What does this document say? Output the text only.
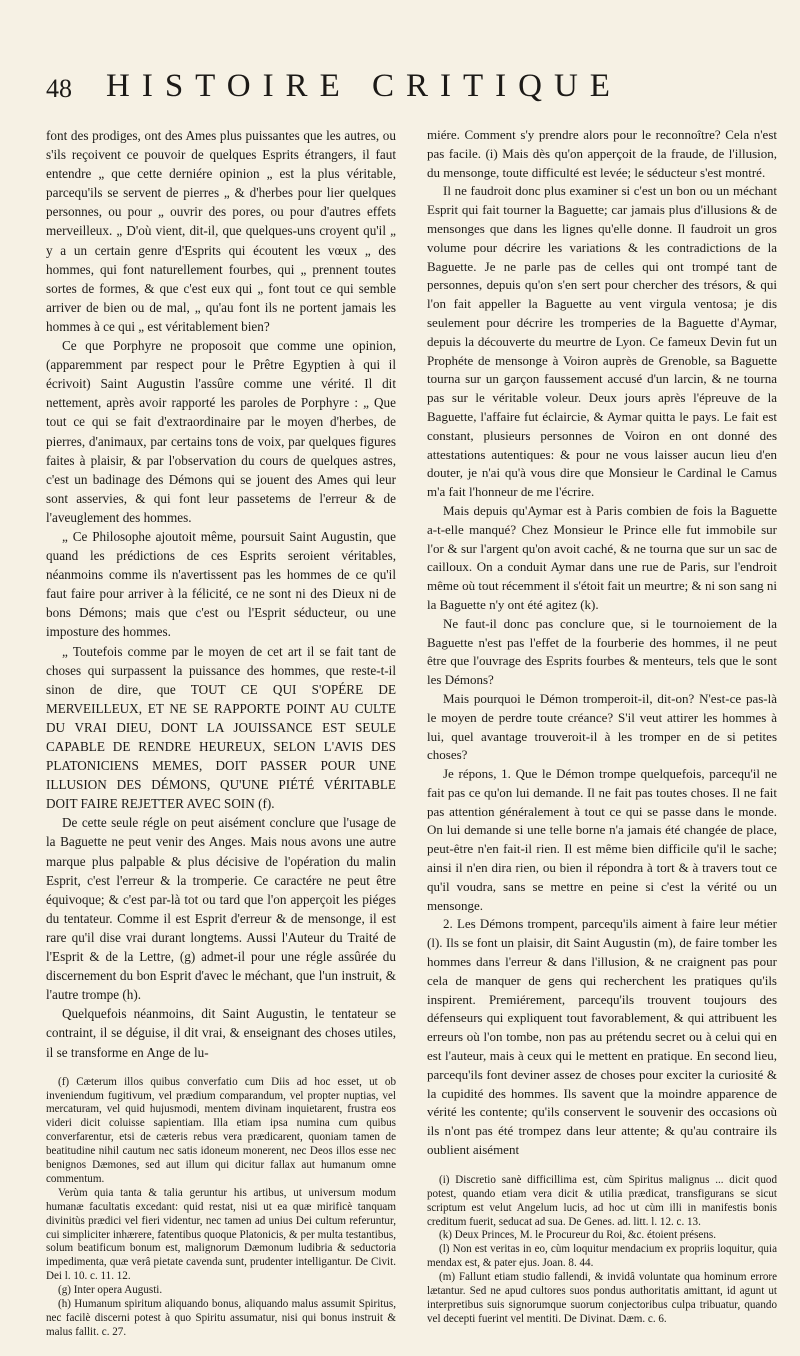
48 HISTOIRE CRITIQUE

font des prodiges, ont des Ames plus puissantes que les autres, ou s'ils reçoivent ce pouvoir de quelques Esprits étrangers, il faut entendre „ que cette derniére opinion „ est la plus véritable, parcequ'ils se servent de pierres „ & d'herbes pour lier quelques personnes, ou pour „ ouvrir des pores, ou pour d'autres effets merveilleux. „ D'où vient, dit-il, que quelques-uns croyent qu'il „ y a un certain genre d'Esprits qui écoutent les vœux „ des hommes, qui font naturellement fourbes, qui „ prennent toutes sortes de formes, & que c'est eux qui „ font tout ce qui semble arriver de bien ou de mal, „ qu'au font ils ne portent jamais les hommes à ce qui „ est véritablement bien?

Ce que Porphyre ne proposoit que comme une opinion, (apparemment par respect pour le Prêtre Egyptien à qui il écrivoit) Saint Augustin l'assûre comme une vérité. Il dit nettement, après avoir rapporté les paroles de Porphyre : „ Que tout ce qui se fait d'extraordinaire par le moyen d'herbes, de pierres, d'animaux, par certains tons de voix, par quelques figures faites à plaisir, & par l'observation du cours de quelques astres, c'est un badinage des Démons qui se jouent des Ames qui leur sont asservies, & qui font leur passetems de l'erreur & de l'aveuglement des hommes.

„ Ce Philosophe ajoutoit même, poursuit Saint Augustin, que quand les prédictions de ces Esprits seroient véritables, néanmoins comme ils n'avertissent pas les hommes de ce qu'il faut faire pour arriver à la félicité, ce ne sont ni des Dieux ni de bons Démons; mais que c'est ou l'Esprit séducteur, ou une imposture des hommes.

„ Toutefois comme par le moyen de cet art il se fait tant de choses qui surpassent la puissance des hommes, que reste-t-il sinon de dire, que TOUT CE QUI S'OPÉRE DE MERVEILLEUX, ET NE SE RAPPORTE POINT AU CULTE DU VRAI DIEU, DONT LA JOUISSANCE EST SEULE CAPABLE DE RENDRE HEUREUX, SELON L'AVIS DES PLATONICIENS MEMES, DOIT PASSER POUR UNE ILLUSION DES DÉMONS, QU'UNE PIÉTÉ VÉRITABLE DOIT FAIRE REJETTER AVEC SOIN (f).

De cette seule régle on peut aisément conclure que l'usage de la Baguette ne peut venir des Anges. Mais nous avons une autre marque plus palpable & plus décisive de l'opération du malin Esprit, c'est l'erreur & la tromperie. Ce caractére ne peut être équivoque; & c'est par-là tot ou tard que l'on apperçoit les piéges du tentateur. Comme il est Esprit d'erreur & de mensonge, il est rare qu'il dise vrai durant longtems. Aussi l'Auteur du Traité de l'Esprit & de la Lettre, (g) admet-il pour une régle assûrée du discernement du bon Esprit d'avec le méchant, que l'un instruit, & l'autre trompe (h).

Quelquefois néanmoins, dit Saint Augustin, le tentateur se contraint, il se déguise, il dit vrai, & enseignant des choses utiles, il se transforme en Ange de lu-

(f) Cæterum illos quibus converfatio cum Diis ad hoc esset, ut ob inveniendum fugitivum, vel prædium comparandum, vel propter nuptias, vel mercaturam, vel quid hujusmodi, mentem divinam inquietarent, frustra eos videri dicit coluisse sapientiam. Illa etiam ipsa numina cum quibus converfarentur, etsi de cæteris rebus vera prædicarent, quoniam tamen de beatitudine nihil cautum nec satis idoneum monerent, nec Deos illos esse nec benignos Dæmones, sed aut illum qui dicitur fallax aut humanum omne commentum.

Verùm quia tanta & talia geruntur his artibus, ut universum modum humanæ facultatis excedant: quid restat, nisi ut ea quæ mirificè tanquam divinitùs prædici vel fieri videntur, nec tamen ad unius Dei cultum referuntur, cui simpliciter inhærere, fatentibus quoque Platonicis, & per multa testantibus, solum beatificum bonum est, malignorum Dæmonum ludibria & seductoria impedimenta, quæ verâ pietate cavenda sunt, prudenter intelligantur. De Civit. Dei l. 10. c. 11. 12.

(g) Inter opera Augusti.

(h) Humanum spiritum aliquando bonus, aliquando malus assumit Spiritus, nec facilè discerni potest à quo Spiritu assumatur, nisi qui bonus instruit & malus fallit. c. 27.

miére. Comment s'y prendre alors pour le reconnoître? Cela n'est pas facile. (i) Mais dès qu'on apperçoit de la fraude, de l'illusion, du mensonge, toute difficulté est levée; le séducteur s'est montré.

Il ne faudroit donc plus examiner si c'est un bon ou un méchant Esprit qui fait tourner la Baguette; car jamais plus d'illusions & de mensonges que dans les lignes qu'elle donne. Il faudroit un gros volume pour décrire les variations & les contradictions de la Baguette. Je ne parle pas de celles qui ont trompé tant de personnes, depuis qu'on s'en sert pour chercher des trésors, & qui l'on fait appeller la Baguette au vent virgula ventosa; je dis seulement pour décrire les tromperies de la Baguette d'Aymar, depuis la découverte du meurtre de Lyon. Ce fameux Devin fut un Prophéte de mensonge à Voiron auprès de Grenoble, sa Baguette tourna sur un garçon faussement accusé d'un larcin, & ne tourna pas sur le véritable voleur. Deux jours après l'épreuve de la Baguette, l'affaire fut éclaircie, & Aymar quitta le pays. Le fait est constant, plusieurs personnes de Voiron en ont donné des attestations autentiques: & pour ne vous laisser aucun lieu d'en douter, je n'ai qu'à vous dire que Monsieur le Cardinal le Camus m'a fait l'honneur de me l'écrire.

Mais depuis qu'Aymar est à Paris combien de fois la Baguette a-t-elle manqué? Chez Monsieur le Prince elle fut immobile sur l'or & sur l'argent qu'on avoit caché, & ne tourna que sur un sac de cailloux. On a conduit Aymar dans une rue de Paris, sur l'endroit même où tout récemment il s'étoit fait un meurtre; & ni son sang ni la Baguette n'y ont été agitez (k).

Ne faut-il donc pas conclure que, si le tournoiement de la Baguette n'est pas l'effet de la fourberie des hommes, il ne peut être que l'ouvrage des Esprits fourbes & menteurs, tels que le sont les Démons?

Mais pourquoi le Démon tromperoit-il, dit-on? N'est-ce pas-là le moyen de perdre toute créance? S'il veut attirer les hommes à lui, quel avantage trouveroit-il à les tromper en de si petites choses?

Je répons, 1. Que le Démon trompe quelquefois, parcequ'il ne fait pas ce qu'on lui demande. Il ne fait pas toutes choses. Il ne fait pas attention généralement à tout ce qui se passe dans le monde. On lui demande si une telle borne n'a jamais été changée de place, peut-être n'en fait-il rien. Il est même bien difficile qu'il le sache; ainsi il n'en dira rien, ou bien il répondra à tort & à travers tout ce qu'il voudra, sans se mettre en peine si c'est la vérité ou un mensonge.

2. Les Démons trompent, parcequ'ils aiment à faire leur métier (l). Ils se font un plaisir, dit Saint Augustin (m), de faire tomber les hommes dans l'erreur & dans l'illusion, & ne craignent pas pour cela de manquer de gens qui recherchent les pratiques qu'ils inspirent. Premiérement, parcequ'ils trouvent toujours des défenseurs qui expliquent tout favorablement, & qui attribuent les erreurs où l'on tombe, non pas au prétendu secret ou à celui qui en est l'auteur, mais à ceux qui le mettent en pratique. En second lieu, parcequ'ils font deviner assez de choses pour exciter la curiosité & la cupidité des hommes. Ils savent que la moindre apparence de vérité les contente; qu'ils conservent le souvenir des occasions où ils n'ont pas été trompez dans leur attente; & qu'au contraire ils oublient aisément

(i) Discretio sanè difficillima est, cùm Spiritus malignus ... dicit quod potest, quando etiam vera dicit & utilia prædicat, transfigurans se sicut scriptum est velut Angelum lucis, ad hoc ut cùm illi in manifestis bonis creditum fuerit, seducat ad sua. De Genes. ad. litt. l. 12. c. 13.

(k) Deux Princes, M. le Procureur du Roi, &c. étoient présens.

(l) Non est veritas in eo, cùm loquitur mendacium ex propriis loquitur, quia mendax est, & pater ejus. Joan. 8. 44.

(m) Fallunt etiam studio fallendi, & invidâ voluntate qua hominum errore lætantur. Sed ne apud cultores suos pondus authoritatis amittant, id agunt ut interpretibus suis signorumque suorum conjectoribus culpa tribuatur, quando vel decepti fuerint vel mentiti. De Divinat. Dæm. c. 6.
